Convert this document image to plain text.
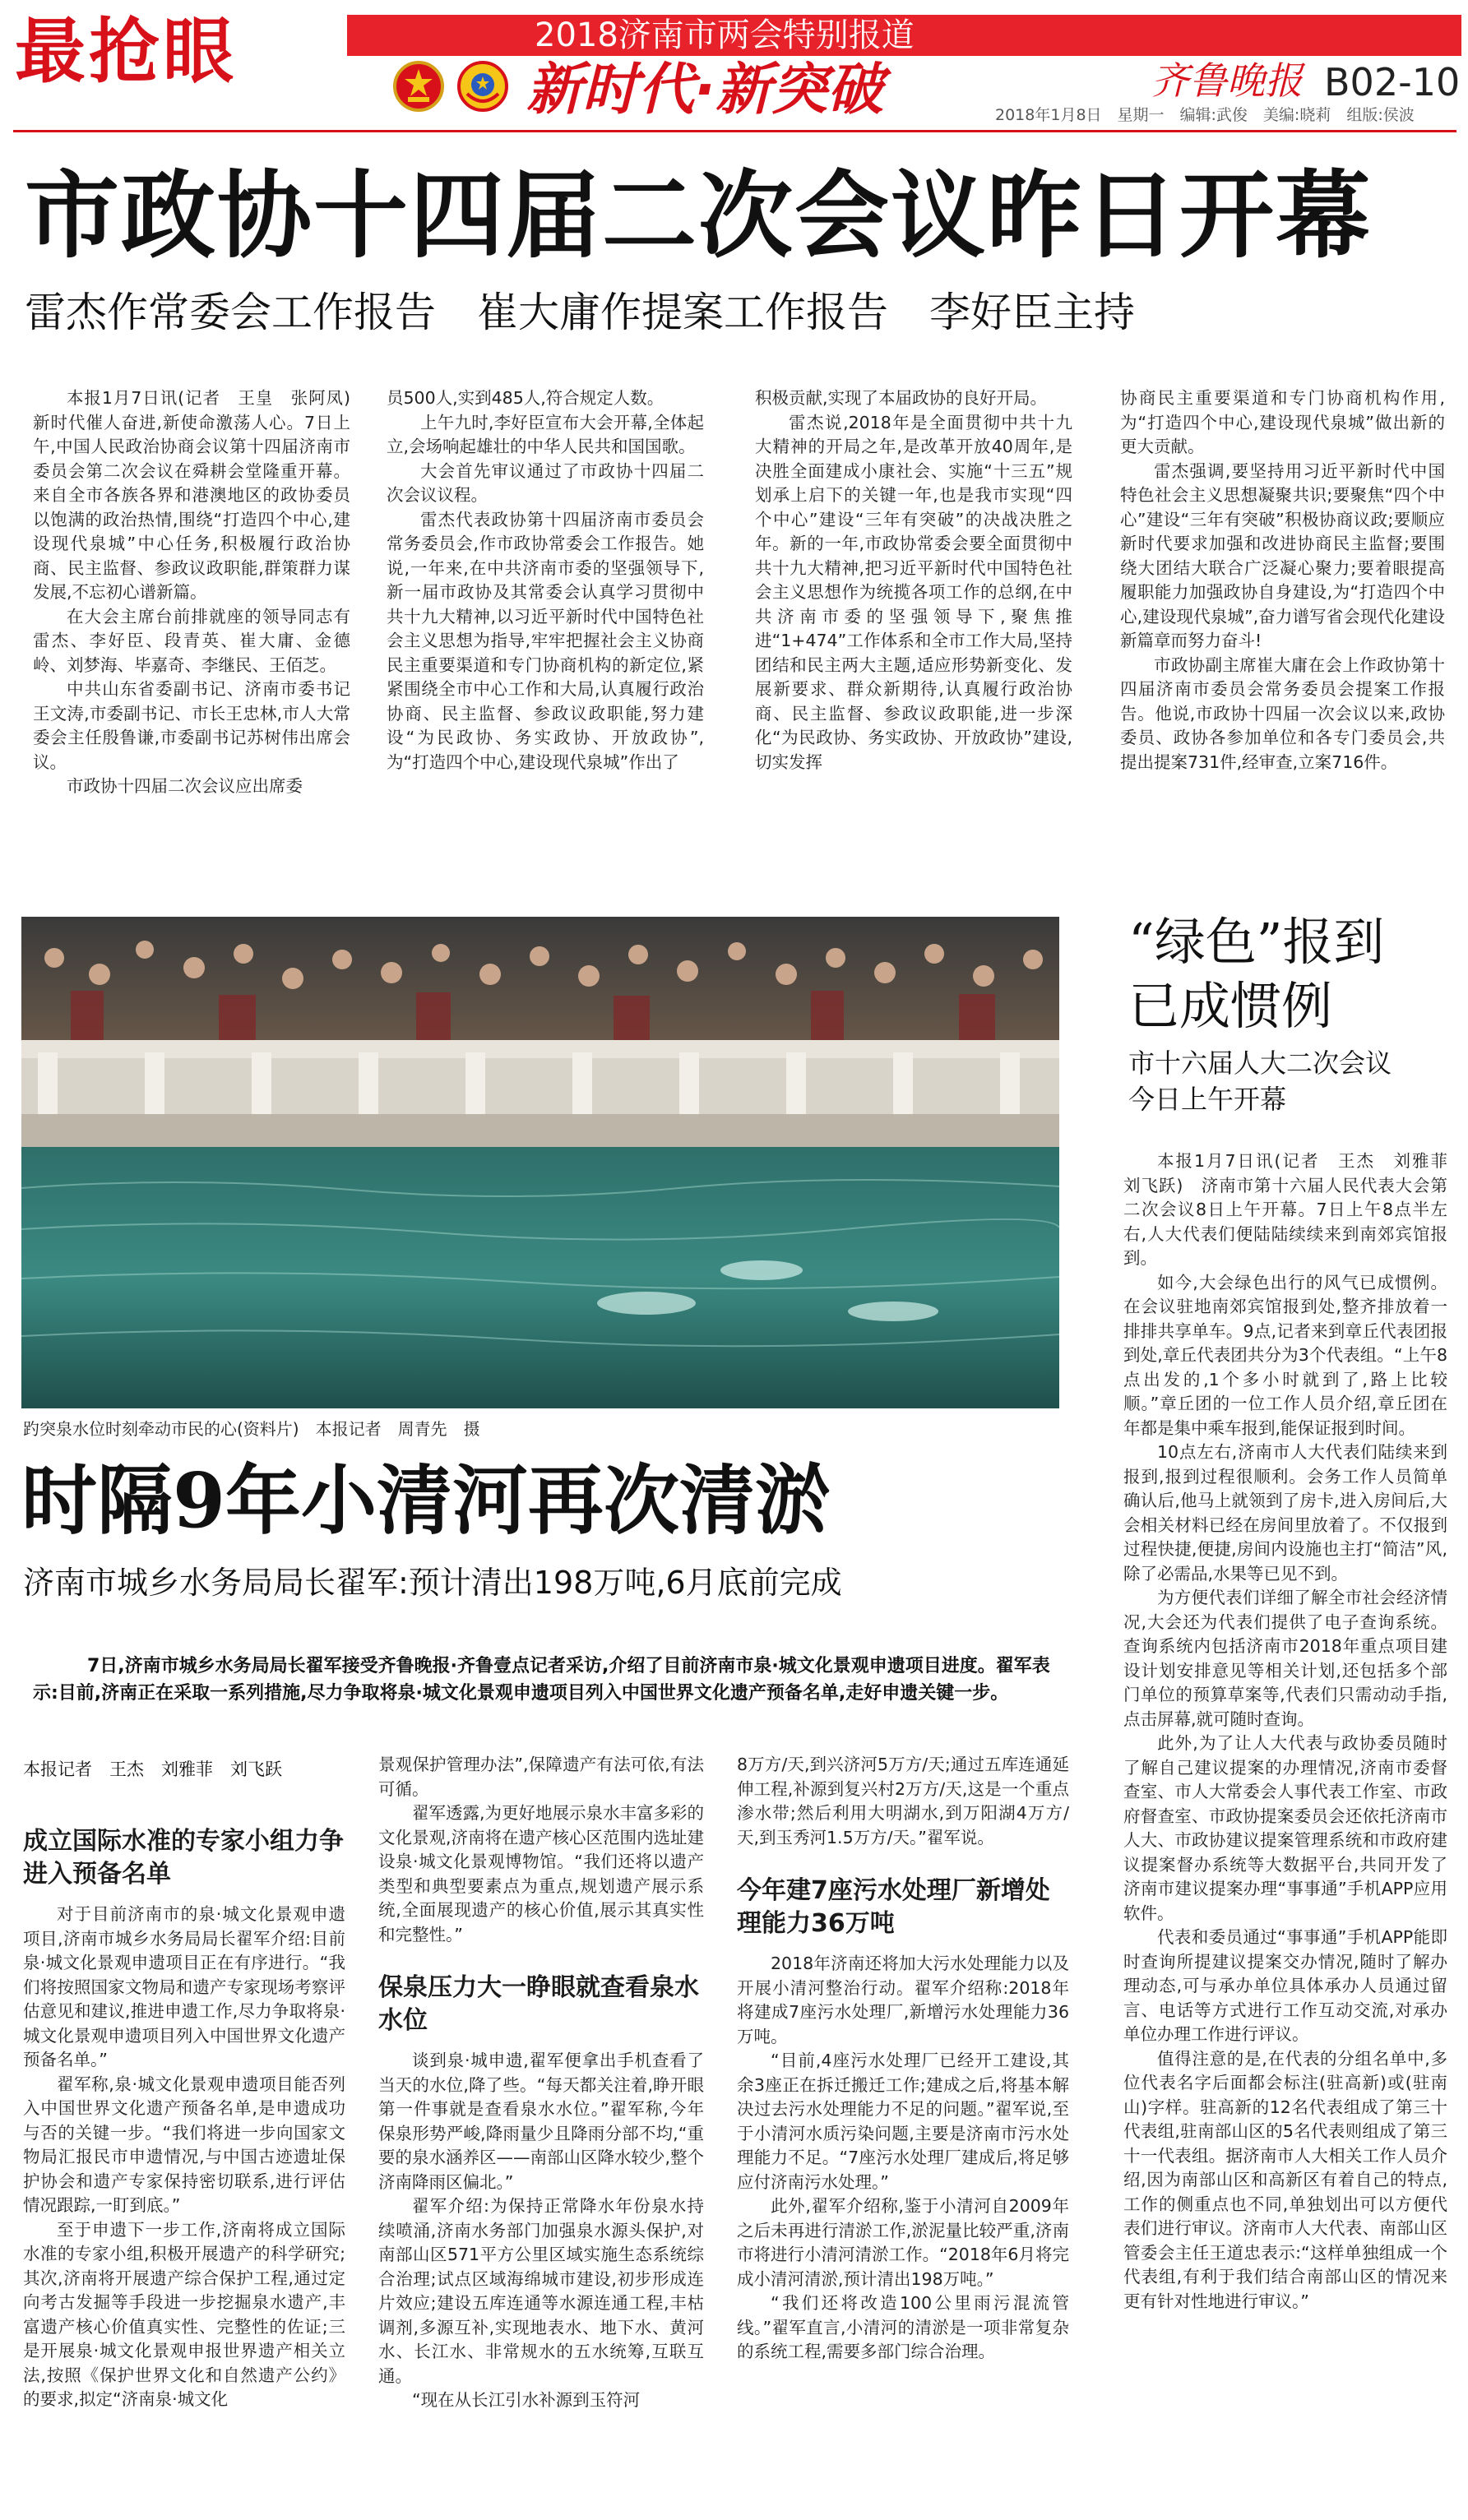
最抢眼	2018济南市两会特别报道
新时代·新突破	齐鲁晚报 B02-10
2018年1月8日　星期一　编辑:武俊　美编:晓莉　组版:侯波
市政协十四届二次会议昨日开幕
雷杰作常委会工作报告　崔大庸作提案工作报告　李好臣主持

本报1月7日讯(记者　王皇　张阿凤)　新时代催人奋进,新使命激荡人心。7日上午,中国人民政治协商会议第十四届济南市委员会第二次会议在舜耕会堂隆重开幕。来自全市各族各界和港澳地区的政协委员以饱满的政治热情,围绕“打造四个中心,建设现代泉城”中心任务,积极履行政治协商、民主监督、参政议政职能,群策群力谋发展,不忘初心谱新篇。

在大会主席台前排就座的领导同志有雷杰、李好臣、段青英、崔大庸、金德岭、刘梦海、毕嘉奇、李继民、王佰芝。

中共山东省委副书记、济南市委书记王文涛,市委副书记、市长王忠林,市人大常委会主任殷鲁谦,市委副书记苏树伟出席会议。

市政协十四届二次会议应出席委

员500人,实到485人,符合规定人数。

上午九时,李好臣宣布大会开幕,全体起立,会场响起雄壮的中华人民共和国国歌。

大会首先审议通过了市政协十四届二次会议议程。

雷杰代表政协第十四届济南市委员会常务委员会,作市政协常委会工作报告。她说,一年来,在中共济南市委的坚强领导下,新一届市政协及其常委会认真学习贯彻中共十九大精神,以习近平新时代中国特色社会主义思想为指导,牢牢把握社会主义协商民主重要渠道和专门协商机构的新定位,紧紧围绕全市中心工作和大局,认真履行政治协商、民主监督、参政议政职能,努力建设“为民政协、务实政协、开放政协”,为“打造四个中心,建设现代泉城”作出了

积极贡献,实现了本届政协的良好开局。

雷杰说,2018年是全面贯彻中共十九大精神的开局之年,是改革开放40周年,是决胜全面建成小康社会、实施“十三五”规划承上启下的关键一年,也是我市实现“四个中心”建设“三年有突破”的决战决胜之年。新的一年,市政协常委会要全面贯彻中共十九大精神,把习近平新时代中国特色社会主义思想作为统揽各项工作的总纲,在中共济南市委的坚强领导下,聚焦推进“1+474”工作体系和全市工作大局,坚持团结和民主两大主题,适应形势新变化、发展新要求、群众新期待,认真履行政治协商、民主监督、参政议政职能,进一步深化“为民政协、务实政协、开放政协”建设,切实发挥

协商民主重要渠道和专门协商机构作用,为“打造四个中心,建设现代泉城”做出新的更大贡献。

雷杰强调,要坚持用习近平新时代中国特色社会主义思想凝聚共识;要聚焦“四个中心”建设“三年有突破”积极协商议政;要顺应新时代要求加强和改进协商民主监督;要围绕大团结大联合广泛凝心聚力;要着眼提高履职能力加强政协自身建设,为“打造四个中心,建设现代泉城”,奋力谱写省会现代化建设新篇章而努力奋斗!

市政协副主席崔大庸在会上作政协第十四届济南市委员会常务委员会提案工作报告。他说,市政协十四届一次会议以来,政协委员、政协各参加单位和各专门委员会,共提出提案731件,经审查,立案716件。

趵突泉水位时刻牵动市民的心(资料片)　本报记者　周青先　摄
“绿色”报到
已成惯例
市十六届人大二次会议
今日上午开幕

本报1月7日讯(记者　王杰　刘雅菲　刘飞跃)　济南市第十六届人民代表大会第二次会议8日上午开幕。7日上午8点半左右,人大代表们便陆陆续续来到南郊宾馆报到。

如今,大会绿色出行的风气已成惯例。在会议驻地南郊宾馆报到处,整齐排放着一排排共享单车。9点,记者来到章丘代表团报到处,章丘代表团共分为3个代表组。“上午8点出发的,1个多小时就到了,路上比较顺。”章丘团的一位工作人员介绍,章丘团在年都是集中乘车报到,能保证报到时间。

10点左右,济南市人大代表们陆续来到报到,报到过程很顺利。会务工作人员简单确认后,他马上就领到了房卡,进入房间后,大会相关材料已经在房间里放着了。不仅报到过程快捷,便捷,房间内设施也主打“简洁”风,除了必需品,水果等已见不到。

为方便代表们详细了解全市社会经济情况,大会还为代表们提供了电子查询系统。查询系统内包括济南市2018年重点项目建设计划安排意见等相关计划,还包括多个部门单位的预算草案等,代表们只需动动手指,点击屏幕,就可随时查询。

此外,为了让人大代表与政协委员随时了解自己建议提案的办理情况,济南市委督查室、市人大常委会人事代表工作室、市政府督查室、市政协提案委员会还依托济南市人大、市政协建议提案管理系统和市政府建议提案督办系统等大数据平台,共同开发了济南市建议提案办理“事事通”手机APP应用软件。

代表和委员通过“事事通”手机APP能即时查询所提建议提案交办情况,随时了解办理动态,可与承办单位具体承办人员通过留言、电话等方式进行工作互动交流,对承办单位办理工作进行评议。

值得注意的是,在代表的分组名单中,多位代表名字后面都会标注(驻高新)或(驻南山)字样。驻高新的12名代表组成了第三十代表组,驻南部山区的5名代表则组成了第三十一代表组。据济南市人大相关工作人员介绍,因为南部山区和高新区有着自己的特点,工作的侧重点也不同,单独划出可以方便代表们进行审议。济南市人大代表、南部山区管委会主任王道忠表示:“这样单独组成一个代表组,有利于我们结合南部山区的情况来更有针对性地进行审议。”

时隔9年小清河再次清淤
济南市城乡水务局局长翟军:预计清出198万吨,6月底前完成
7日,济南市城乡水务局局长翟军接受齐鲁晚报·齐鲁壹点记者采访,介绍了目前济南市泉·城文化景观申遗项目进度。翟军表示:目前,济南正在采取一系列措施,尽力争取将泉·城文化景观申遗项目列入中国世界文化遗产预备名单,走好申遗关键一步。
本报记者　王杰　刘雅菲　刘飞跃
成立国际水准的专家小组力争进入预备名单

对于目前济南市的泉·城文化景观申遗项目,济南市城乡水务局局长翟军介绍:目前泉·城文化景观申遗项目正在有序进行。“我们将按照国家文物局和遗产专家现场考察评估意见和建议,推进申遗工作,尽力争取将泉·城文化景观申遗项目列入中国世界文化遗产预备名单。”

翟军称,泉·城文化景观申遗项目能否列入中国世界文化遗产预备名单,是申遗成功与否的关键一步。“我们将进一步向国家文物局汇报民市申遗情况,与中国古迹遗址保护协会和遗产专家保持密切联系,进行评估情况跟踪,一盯到底。”

至于申遗下一步工作,济南将成立国际水准的专家小组,积极开展遗产的科学研究;其次,济南将开展遗产综合保护工程,通过定向考古发掘等手段进一步挖掘泉水遗产,丰富遗产核心价值真实性、完整性的佐证;三是开展泉·城文化景观申报世界遗产相关立法,按照《保护世界文化和自然遗产公约》的要求,拟定“济南泉·城文化

景观保护管理办法”,保障遗产有法可依,有法可循。

翟军透露,为更好地展示泉水丰富多彩的文化景观,济南将在遗产核心区范围内选址建设泉·城文化景观博物馆。“我们还将以遗产类型和典型要素点为重点,规划遗产展示系统,全面展现遗产的核心价值,展示其真实性和完整性。”

保泉压力大一睁眼就查看泉水水位

谈到泉·城申遗,翟军便拿出手机查看了当天的水位,降了些。“每天都关注着,睁开眼第一件事就是查看泉水水位。”翟军称,今年保泉形势严峻,降雨量少且降雨分部不均,“重要的泉水涵养区——南部山区降水较少,整个济南降雨区偏北。”

翟军介绍:为保持正常降水年份泉水持续喷涌,济南水务部门加强泉水源头保护,对南部山区571平方公里区域实施生态系统综合治理;试点区域海绵城市建设,初步形成连片效应;建设五库连通等水源连通工程,丰枯调剂,多源互补,实现地表水、地下水、黄河水、长江水、非常规水的五水统筹,互联互通。

“现在从长江引水补源到玉符河

8万方/天,到兴济河5万方/天;通过五库连通延伸工程,补源到复兴村2万方/天,这是一个重点渗水带;然后利用大明湖水,到万阳湖4万方/天,到玉秀河1.5万方/天。”翟军说。

今年建7座污水处理厂新增处理能力36万吨

2018年济南还将加大污水处理能力以及开展小清河整治行动。翟军介绍称:2018年将建成7座污水处理厂,新增污水处理能力36万吨。

“目前,4座污水处理厂已经开工建设,其余3座正在拆迁搬迁工作;建成之后,将基本解决过去污水处理能力不足的问题。”翟军说,至于小清河水质污染问题,主要是济南市污水处理能力不足。“7座污水处理厂建成后,将足够应付济南污水处理。”

此外,翟军介绍称,鉴于小清河自2009年之后未再进行清淤工作,淤泥量比较严重,济南市将进行小清河清淤工作。“2018年6月将完成小清河清淤,预计清出198万吨。”

“我们还将改造100公里雨污混流管线。”翟军直言,小清河的清淤是一项非常复杂的系统工程,需要多部门综合治理。
